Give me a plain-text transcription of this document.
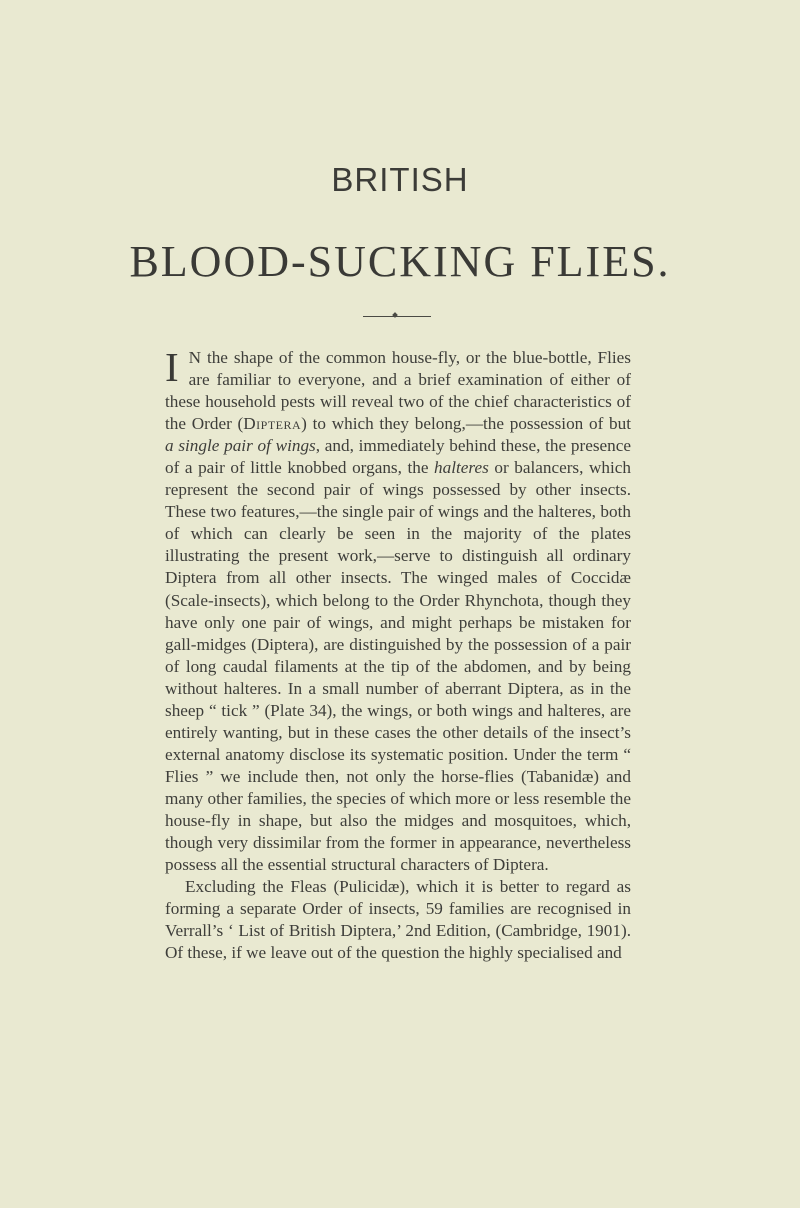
BRITISH
BLOOD-SUCKING FLIES.

I N the shape of the common house-fly, or the blue-bottle, Flies are familiar to everyone, and a brief examination of either of these household pests will reveal two of the chief characteristics of the Order (Diptera) to which they belong,—the possession of but a single pair of wings, and, immediately behind these, the presence of a pair of little knobbed organs, the halteres or balancers, which represent the second pair of wings possessed by other insects. These two features,—the single pair of wings and the halteres, both of which can clearly be seen in the majority of the plates illustrating the present work,—serve to distinguish all ordinary Diptera from all other insects. The winged males of Coccidæ (Scale-insects), which belong to the Order Rhynchota, though they have only one pair of wings, and might perhaps be mistaken for gall-midges (Diptera), are distinguished by the possession of a pair of long caudal filaments at the tip of the abdomen, and by being without halteres. In a small number of aberrant Diptera, as in the sheep “ tick ” (Plate 34), the wings, or both wings and halteres, are entirely wanting, but in these cases the other details of the insect’s external anatomy disclose its systematic position. Under the term “ Flies ” we include then, not only the horse-flies (Tabanidæ) and many other families, the species of which more or less resemble the house-fly in shape, but also the midges and mosquitoes, which, though very dissimilar from the former in appearance, nevertheless possess all the essential structural characters of Diptera.

Excluding the Fleas (Pulicidæ), which it is better to regard as forming a separate Order of insects, 59 families are recognised in Verrall’s ‘ List of British Diptera,’ 2nd Edition, (Cambridge, 1901). Of these, if we leave out of the question the highly specialised and
